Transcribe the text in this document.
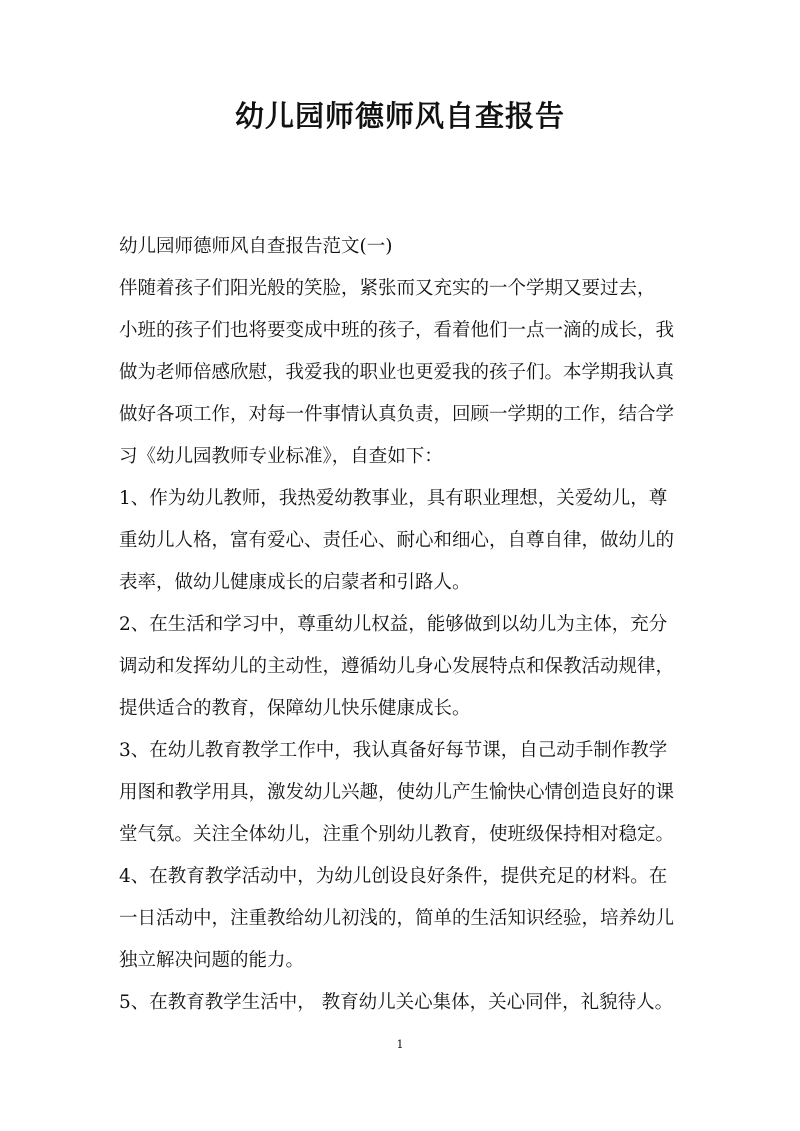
幼儿园师德师风自查报告
幼儿园师德师风自查报告范文(一)
伴随着孩子们阳光般的笑脸，紧张而又充实的一个学期又要过去，
小班的孩子们也将要变成中班的孩子，看着他们一点一滴的成长，我
做为老师倍感欣慰，我爱我的职业也更爱我的孩子们。本学期我认真
做好各项工作，对每一件事情认真负责，回顾一学期的工作，结合学
习《幼儿园教师专业标准》，自查如下：
1、作为幼儿教师，我热爱幼教事业，具有职业理想，关爱幼儿，尊
重幼儿人格，富有爱心、责任心、耐心和细心，自尊自律，做幼儿的
表率，做幼儿健康成长的启蒙者和引路人。
2、在生活和学习中，尊重幼儿权益，能够做到以幼儿为主体，充分
调动和发挥幼儿的主动性，遵循幼儿身心发展特点和保教活动规律，
提供适合的教育，保障幼儿快乐健康成长。
3、在幼儿教育教学工作中，我认真备好每节课，自己动手制作教学
用图和教学用具，激发幼儿兴趣，使幼儿产生愉快心情创造良好的课
堂气氛。关注全体幼儿，注重个别幼儿教育，使班级保持相对稳定。
4、在教育教学活动中，为幼儿创设良好条件，提供充足的材料。在
一日活动中，注重教给幼儿初浅的，简单的生活知识经验，培养幼儿
独立解决问题的能力。
5、在教育教学生活中， 教育幼儿关心集体，关心同伴，礼貌待人。
1
